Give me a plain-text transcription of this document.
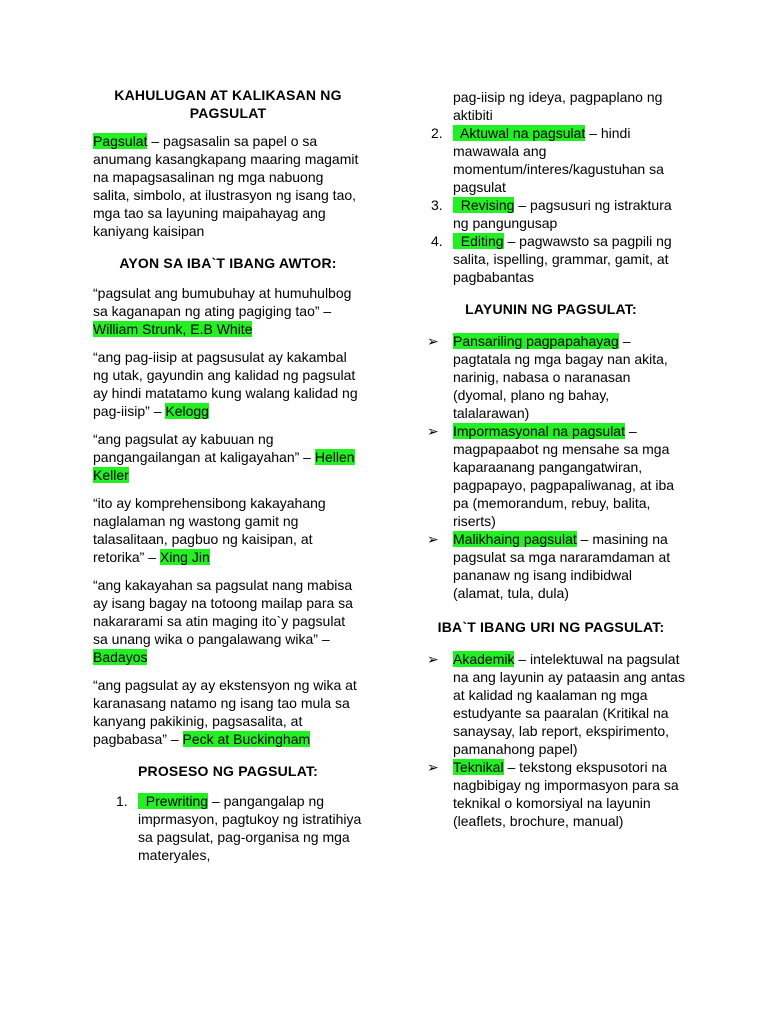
KAHULUGAN AT KALIKASAN NG PAGSULAT

Pagsulat – pagsasalin sa papel o sa anumang kasangkapang maaring magamit na mapagsasalinan ng mga nabuong salita, simbolo, at ilustrasyon ng isang tao, mga tao sa layuning maipahayag ang kaniyang kaisipan

AYON SA IBA`T IBANG AWTOR:

“pagsulat ang bumubuhay at humuhulbog sa kaganapan ng ating pagiging tao” – William Strunk, E.B White

“ang pag-iisip at pagsusulat ay kakambal ng utak, gayundin ang kalidad ng pagsulat ay hindi matatamo kung walang kalidad ng pag-iisip” – Kelogg

“ang pagsulat ay kabuuan ng pangangailangan at kaligayahan” – Hellen Keller

“ito ay komprehensibong kakayahang naglalaman ng wastong gamit ng talasalitaan, pagbuo ng kaisipan, at retorika” – Xing Jin

“ang kakayahan sa pagsulat nang mabisa ay isang bagay na totoong mailap para sa nakararami sa atin maging ito`y pagsulat sa unang wika o pangalawang wika” – Badayos

“ang pagsulat ay ay ekstensyon ng wika at karanasang natamo ng isang tao mula sa kanyang pakikinig, pagsasalita, at pagbabasa” – Peck at Buckingham

PROSESO NG PAGSULAT:
1. Prewriting – pangangalap ng imprmasyon, pagtukoy ng istratihiya sa pagsulat, pag-organisa ng mga materyales,

pag-iisip ng ideya, pagpaplano ng aktibiti

2. Aktuwal na pagsulat – hindi mawawala ang momentum/interes/kagustuhan sa pagsulat
3. Revising – pagsusuri ng istraktura ng pangungusap
4. Editing – pagwawsto sa pagpili ng salita, ispelling, grammar, gamit, at pagbabantas
LAYUNIN NG PAGSULAT:
➢ Pansariling pagpapahayag – pagtatala ng mga bagay nan akita, narinig, nabasa o naranasan (dyomal, plano ng bahay, talalarawan)
➢ Impormasyonal na pagsulat – magpapaabot ng mensahe sa mga kaparaanang pangangatwiran, pagpapayo, pagpapaliwanag, at iba pa (memorandum, rebuy, balita, riserts)
➢ Malikhaing pagsulat – masining na pagsulat sa mga nararamdaman at pananaw ng isang indibidwal (alamat, tula, dula)
IBA`T IBANG URI NG PAGSULAT:
➢ Akademik – intelektuwal na pagsulat na ang layunin ay pataasin ang antas at kalidad ng kaalaman ng mga estudyante sa paaralan (Kritikal na sanaysay, lab report, ekspirimento, pamanahong papel)
➢ Teknikal – tekstong ekspusotori na nagbibigay ng impormasyon para sa teknikal o komorsiyal na layunin (leaflets, brochure, manual)
